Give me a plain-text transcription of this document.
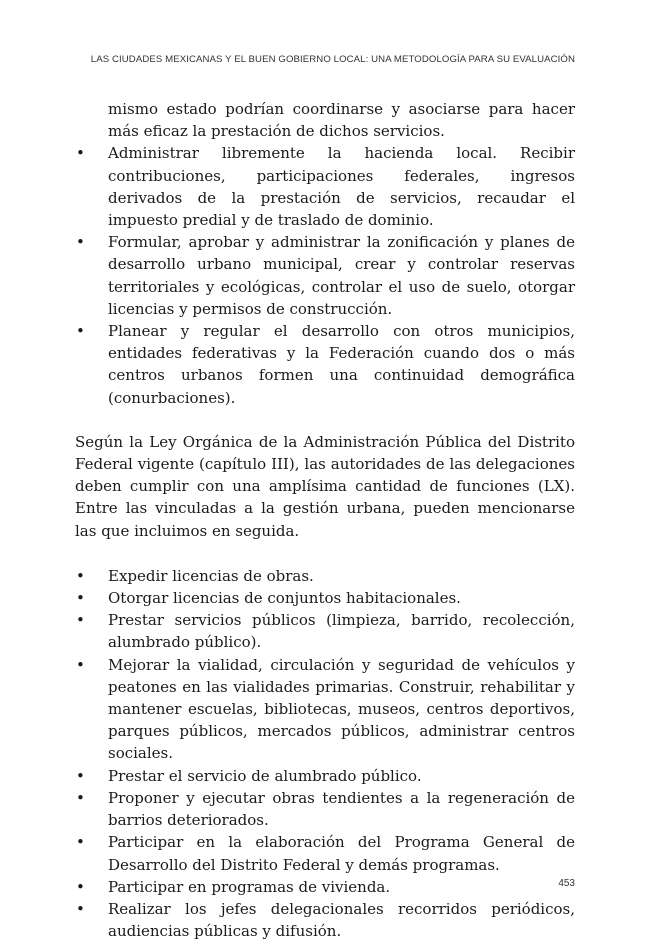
LAS CIUDADES MEXICANAS Y EL BUEN GOBIERNO LOCAL: UNA METODOLOGÍA PARA SU EVALUACIÓN
mismo estado podrían coordinarse y asociarse para hacer más eficaz la prestación de dichos servicios.
• Administrar libremente la hacienda local. Recibir contribuciones, participaciones federales, ingresos derivados de la prestación de servicios, recaudar el impuesto predial y de traslado de dominio.
• Formular, aprobar y administrar la zonificación y planes de desarrollo urbano municipal, crear y controlar reservas territoriales y ecológicas, controlar el uso de suelo, otorgar licencias y permisos de construcción.
• Planear y regular el desarrollo con otros municipios, entidades federativas y la Federación cuando dos o más centros urbanos formen una continuidad demográfica (conurbaciones).

Según la Ley Orgánica de la Administración Pública del Distrito Federal vigente (capítulo III), las autoridades de las delegaciones deben cumplir con una amplísima cantidad de funciones (LX). Entre las vinculadas a la gestión urbana, pueden mencionarse las que incluimos en seguida.

• Expedir licencias de obras.
• Otorgar licencias de conjuntos habitacionales.
• Prestar servicios públicos (limpieza, barrido, recolección, alumbrado público).
• Mejorar la vialidad, circulación y seguridad de vehículos y peatones en las vialidades primarias. Construir, rehabilitar y mantener escuelas, bibliotecas, museos, centros deportivos, parques públicos, mercados públicos, administrar centros sociales.
• Prestar el servicio de alumbrado público.
• Proponer y ejecutar obras tendientes a la regeneración de barrios deteriorados.
• Participar en la elaboración del Programa General de Desarrollo del Distrito Federal y demás programas.
• Participar en programas de vivienda.
• Realizar los jefes delegacionales recorridos periódicos, audiencias públicas y difusión.
453
